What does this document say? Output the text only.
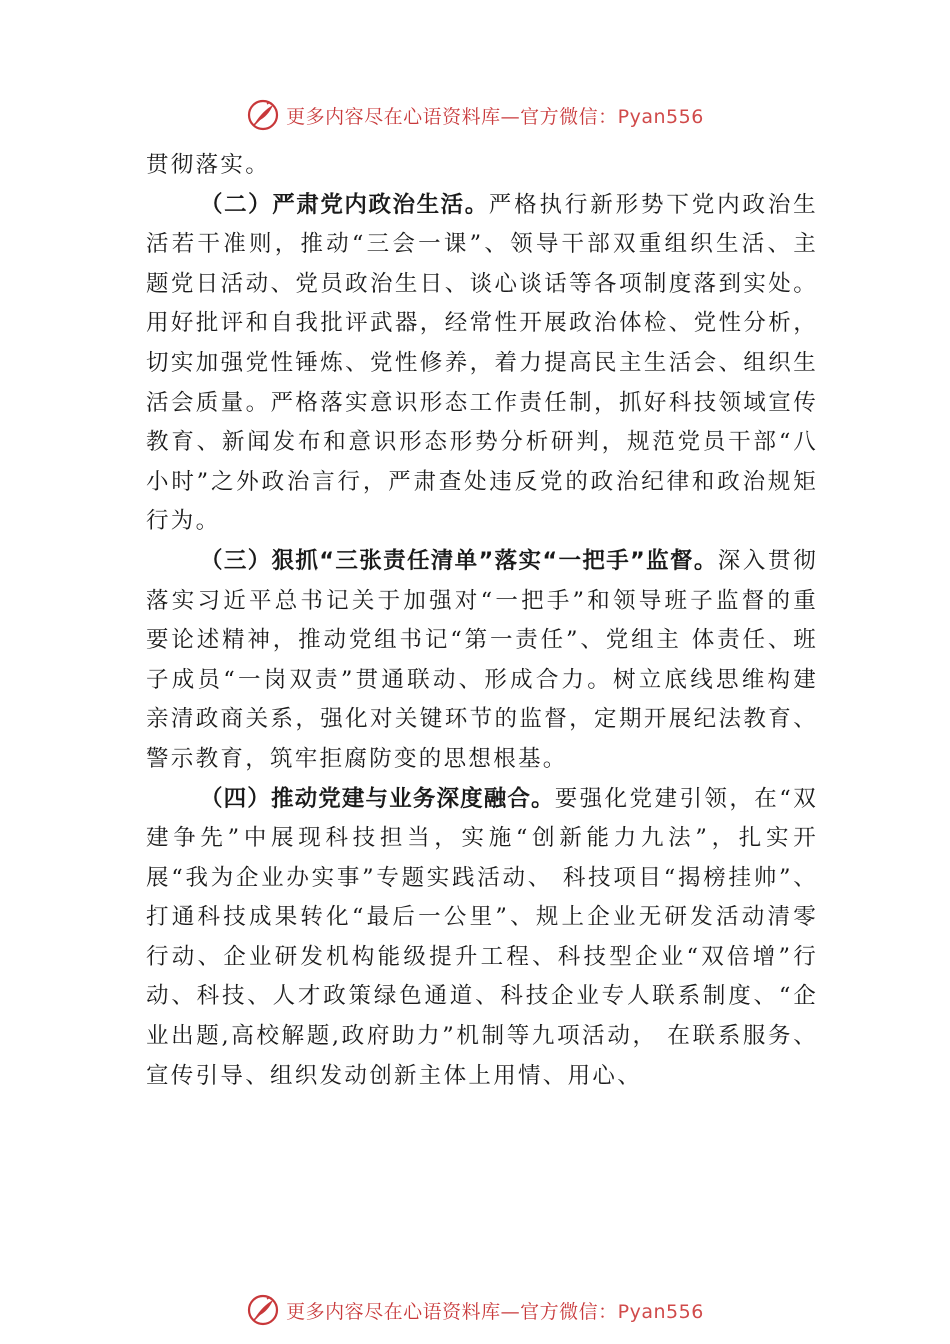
更多内容尽在心语资料库—官方微信：Pyan556

贯彻落实。

（二）严肃党内政治生活。严格执行新形势下党内政治生活若干准则，推动“三会一课”、领导干部双重组织生活、主题党日活动、党员政治生日、谈心谈话等各项制度落到实处。用好批评和自我批评武器，经常性开展政治体检、党性分析，切实加强党性锤炼、党性修养，着力提高民主生活会、组织生活会质量。严格落实意识形态工作责任制，抓好科技领域宣传教育、新闻发布和意识形态形势分析研判，规范党员干部“八小时”之外政治言行，严肃查处违反党的政治纪律和政治规矩行为。

（三）狠抓“三张责任清单”落实“一把手”监督。深入贯彻落实习近平总书记关于加强对“一把手”和领导班子监督的重要论述精神，推动党组书记“第一责任”、党组主 体责任、班子成员“一岗双责”贯通联动、形成合力。树立底线思维构建亲清政商关系，强化对关键环节的监督，定期开展纪法教育、警示教育，筑牢拒腐防变的思想根基。

（四）推动党建与业务深度融合。要强化党建引领，在“双建争先”中展现科技担当，实施“创新能力九法”，扎实开展“我为企业办实事”专题实践活动、 科技项目“揭榜挂帅”、打通科技成果转化“最后一公里”、规上企业无研发活动清零行动、企业研发机构能级提升工程、科技型企业“双倍增”行动、科技、人才政策绿色通道、科技企业专人联系制度、“企业出题,高校解题,政府助力”机制等九项活动， 在联系服务、宣传引导、组织发动创新主体上用情、用心、

更多内容尽在心语资料库—官方微信：Pyan556
